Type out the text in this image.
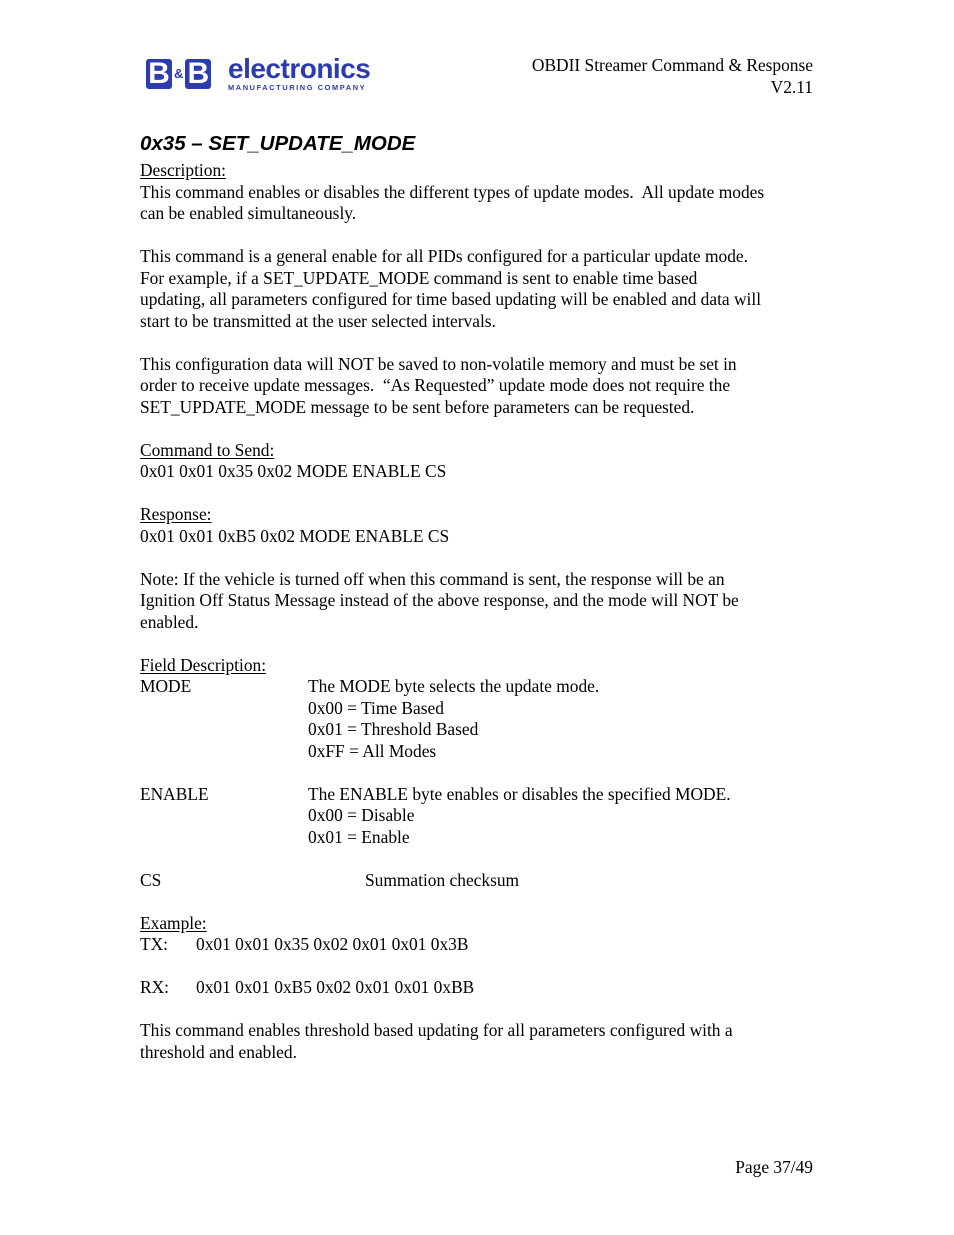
B & B electronics
MANUFACTURING COMPANY
OBDII Streamer Command & Response
V2.11
0x35 – SET_UPDATE_MODE
Description:
This command enables or disables the different types of update modes.  All update modes
can be enabled simultaneously.
This command is a general enable for all PIDs configured for a particular update mode.
For example, if a SET_UPDATE_MODE command is sent to enable time based
updating, all parameters configured for time based updating will be enabled and data will
start to be transmitted at the user selected intervals.
This configuration data will NOT be saved to non-volatile memory and must be set in
order to receive update messages.  “As Requested” update mode does not require the
SET_UPDATE_MODE message to be sent before parameters can be requested.
Command to Send:
0x01 0x01 0x35 0x02 MODE ENABLE CS
Response:
0x01 0x01 0xB5 0x02 MODE ENABLE CS
Note: If the vehicle is turned off when this command is sent, the response will be an
Ignition Off Status Message instead of the above response, and the mode will NOT be
enabled.
Field Description:
MODE	The MODE byte selects the update mode.
0x00 = Time Based
0x01 = Threshold Based
0xFF = All Modes
ENABLE	The ENABLE byte enables or disables the specified MODE.
0x00 = Disable
0x01 = Enable
CS	Summation checksum
Example:
TX: 0x01 0x01 0x35 0x02 0x01 0x01 0x3B
RX: 0x01 0x01 0xB5 0x02 0x01 0x01 0xBB
This command enables threshold based updating for all parameters configured with a
threshold and enabled.
Page 37/49
